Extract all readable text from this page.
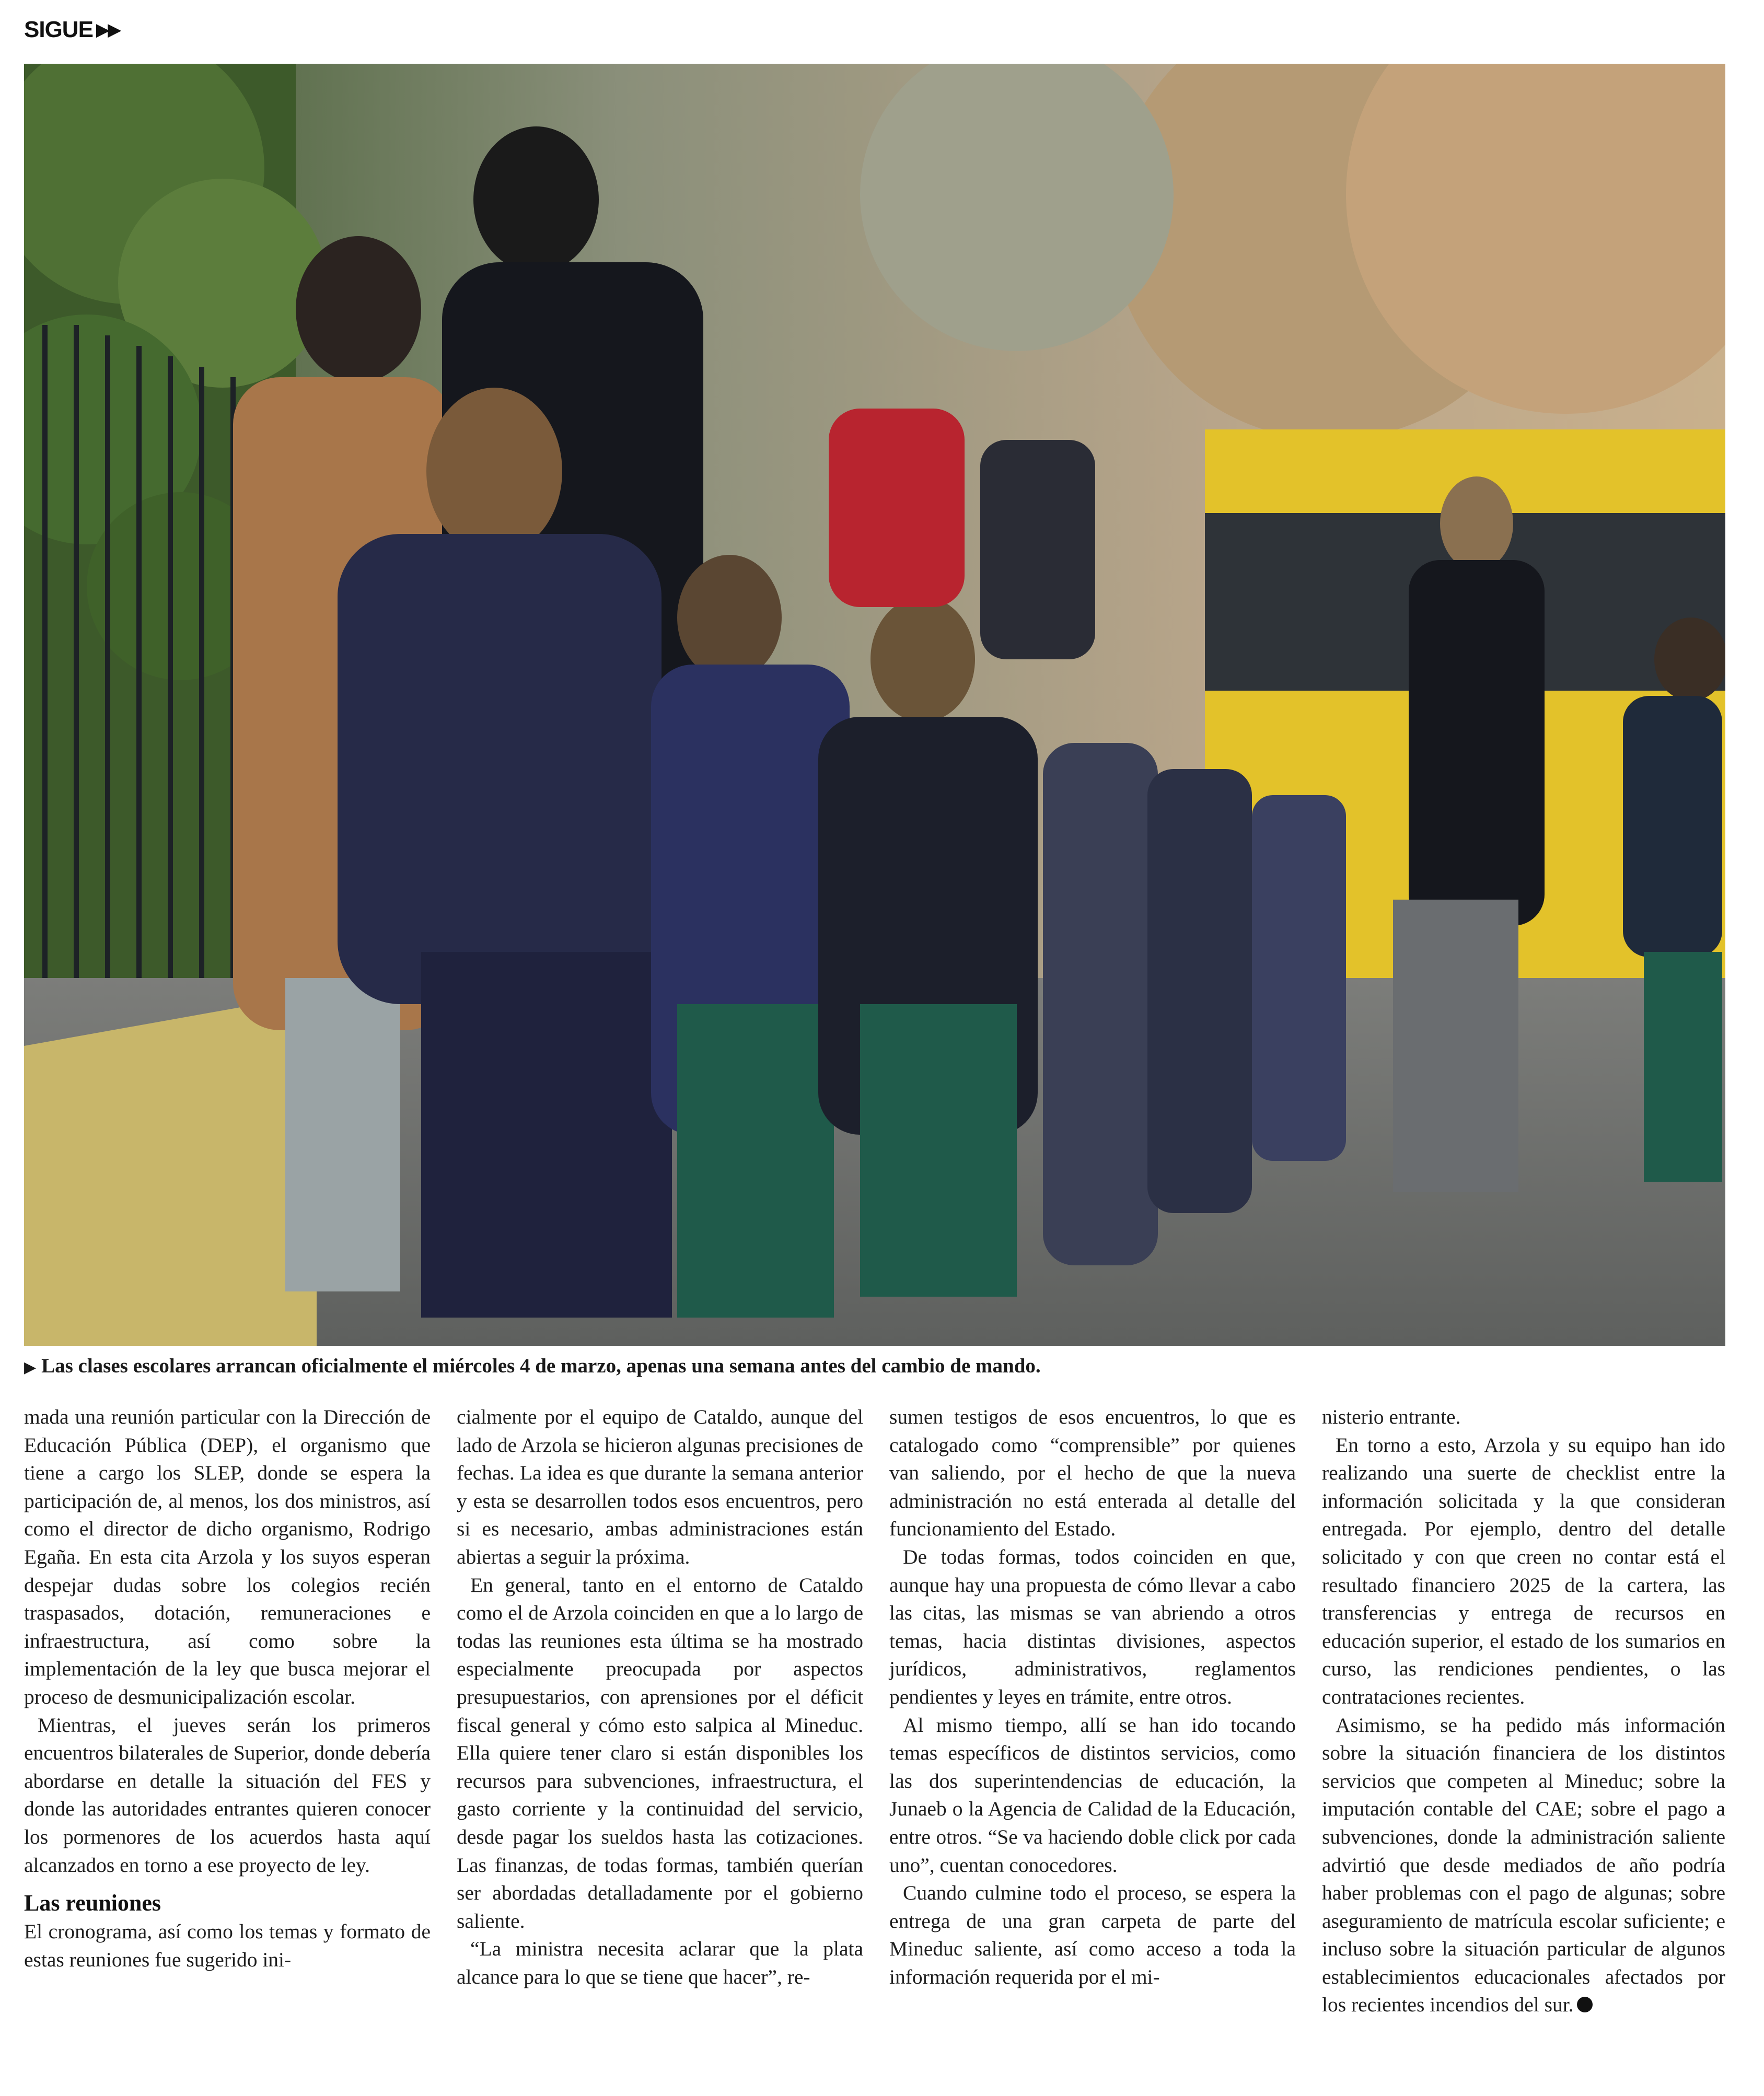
SIGUE ▶▶
▶ Las clases escolares arrancan oficialmente el miércoles 4 de marzo, apenas una semana antes del cambio de mando.

mada una reunión particular con la Dirección de Educación Pública (DEP), el organismo que tiene a cargo los SLEP, donde se espera la participación de, al menos, los dos ministros, así como el director de dicho organismo, Rodrigo Egaña. En esta cita Arzola y los suyos esperan despejar dudas sobre los colegios recién traspasados, dotación, remuneraciones e infraestructura, así como sobre la implementación de la ley que busca mejorar el proceso de desmunicipalización escolar.

Mientras, el jueves serán los primeros encuentros bilaterales de Superior, donde debería abordarse en detalle la situación del FES y donde las autoridades entrantes quieren conocer los pormenores de los acuerdos hasta aquí alcanzados en torno a ese proyecto de ley.

Las reuniones

El cronograma, así como los temas y formato de estas reuniones fue sugerido ini-

cialmente por el equipo de Cataldo, aunque del lado de Arzola se hicieron algunas precisiones de fechas. La idea es que durante la semana anterior y esta se desarrollen todos esos encuentros, pero si es necesario, ambas administraciones están abiertas a seguir la próxima.

En general, tanto en el entorno de Cataldo como el de Arzola coinciden en que a lo largo de todas las reuniones esta última se ha mostrado especialmente preocupada por aspectos presupuestarios, con aprensiones por el déficit fiscal general y cómo esto salpica al Mineduc. Ella quiere tener claro si están disponibles los recursos para subvenciones, infraestructura, el gasto corriente y la continuidad del servicio, desde pagar los sueldos hasta las cotizaciones. Las finanzas, de todas formas, también querían ser abordadas detalladamente por el gobierno saliente.

“La ministra necesita aclarar que la plata alcance para lo que se tiene que hacer”, re-

sumen testigos de esos encuentros, lo que es catalogado como “comprensible” por quienes van saliendo, por el hecho de que la nueva administración no está enterada al detalle del funcionamiento del Estado.

De todas formas, todos coinciden en que, aunque hay una propuesta de cómo llevar a cabo las citas, las mismas se van abriendo a otros temas, hacia distintas divisiones, aspectos jurídicos, administrativos, reglamentos pendientes y leyes en trámite, entre otros.

Al mismo tiempo, allí se han ido tocando temas específicos de distintos servicios, como las dos superintendencias de educación, la Junaeb o la Agencia de Calidad de la Educación, entre otros. “Se va haciendo doble click por cada uno”, cuentan conocedores.

Cuando culmine todo el proceso, se espera la entrega de una gran carpeta de parte del Mineduc saliente, así como acceso a toda la información requerida por el mi-

nisterio entrante.

En torno a esto, Arzola y su equipo han ido realizando una suerte de checklist entre la información solicitada y la que consideran entregada. Por ejemplo, dentro del detalle solicitado y con que creen no contar está el resultado financiero 2025 de la cartera, las transferencias y entrega de recursos en educación superior, el estado de los sumarios en curso, las rendiciones pendientes, o las contrataciones recientes.

Asimismo, se ha pedido más información sobre la situación financiera de los distintos servicios que competen al Mineduc; sobre la imputación contable del CAE; sobre el pago a subvenciones, donde la administración saliente advirtió que desde mediados de año podría haber problemas con el pago de algunas; sobre aseguramiento de matrícula escolar suficiente; e incluso sobre la situación particular de algunos establecimientos educacionales afectados por los recientes incendios del sur.
